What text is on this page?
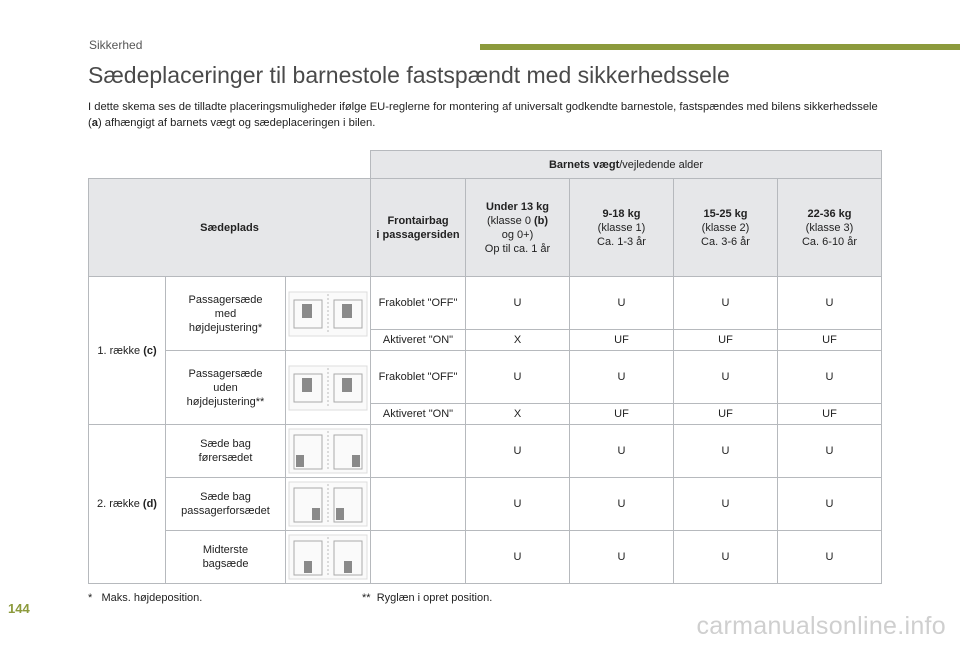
Sikkerhed
Sædeplaceringer til barnestole fastspændt med sikkerhedssele

I dette skema ses de tilladte placeringsmuligheder ifølge EU-reglerne for montering af universalt godkendte barnestole, fastspændes med bilens sikkerhedssele (a) afhængigt af barnets vægt og sædeplaceringen i bilen.

			Barnets vægt/vejledende alder				
Sædeplads			Frontairbag
i passagersiden	Under 13 kg
(klasse 0 (b)
og 0+)
Op til ca. 1 år	9-18 kg
(klasse 1)
Ca. 1-3 år	15-25 kg
(klasse 2)
Ca. 3-6 år	22-36 kg
(klasse 3)
Ca. 6-10 år
1. række (c)	Passagersæde
med
højdejustering*		Frakoblet "OFF"	U	U	U	U
			Aktiveret "ON"	X	UF	UF	UF
	Passagersæde
uden
højdejustering**		Frakoblet "OFF"	U	U	U	U
			Aktiveret "ON"	X	UF	UF	UF
2. række (d)	Sæde bag
førersædet			U	U	U	U
	Sæde bag
passagerforsædet			U	U	U	U
	Midterste
bagsæde			U	U	U	U
* Maks. højdeposition.	** Ryglæn i opret position.
144
carmanualsonline.info
